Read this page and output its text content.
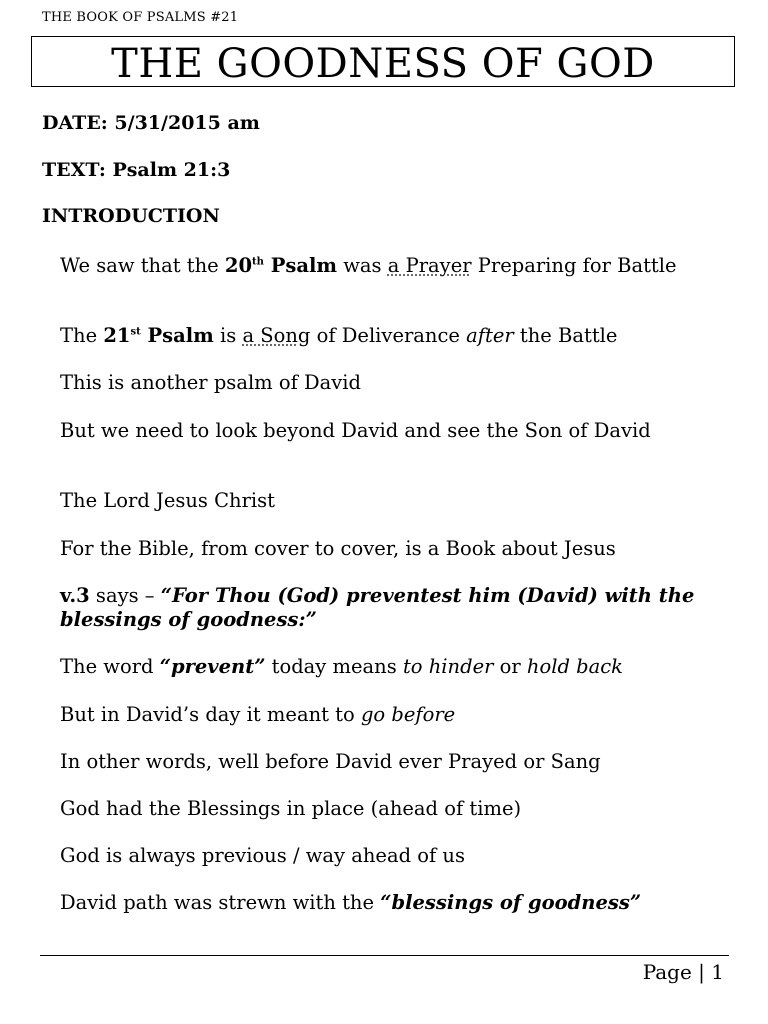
THE BOOK OF PSALMS #21
THE GOODNESS OF GOD
DATE: 5/31/2015 am
TEXT: Psalm 21:3
INTRODUCTION
We saw that the 20th Psalm was a Prayer Preparing for Battle
The 21st Psalm is a Song of Deliverance after the Battle
This is another psalm of David
But we need to look beyond David and see the Son of David
The Lord Jesus Christ
For the Bible, from cover to cover, is a Book about Jesus
v.3 says – “For Thou (God) preventest him (David) with the blessings of goodness:”
The word “prevent” today means to hinder or hold back
But in David’s day it meant to go before
In other words, well before David ever Prayed or Sang
God had the Blessings in place (ahead of time)
God is always previous / way ahead of us
David path was strewn with the “blessings of goodness”
Page | 1
